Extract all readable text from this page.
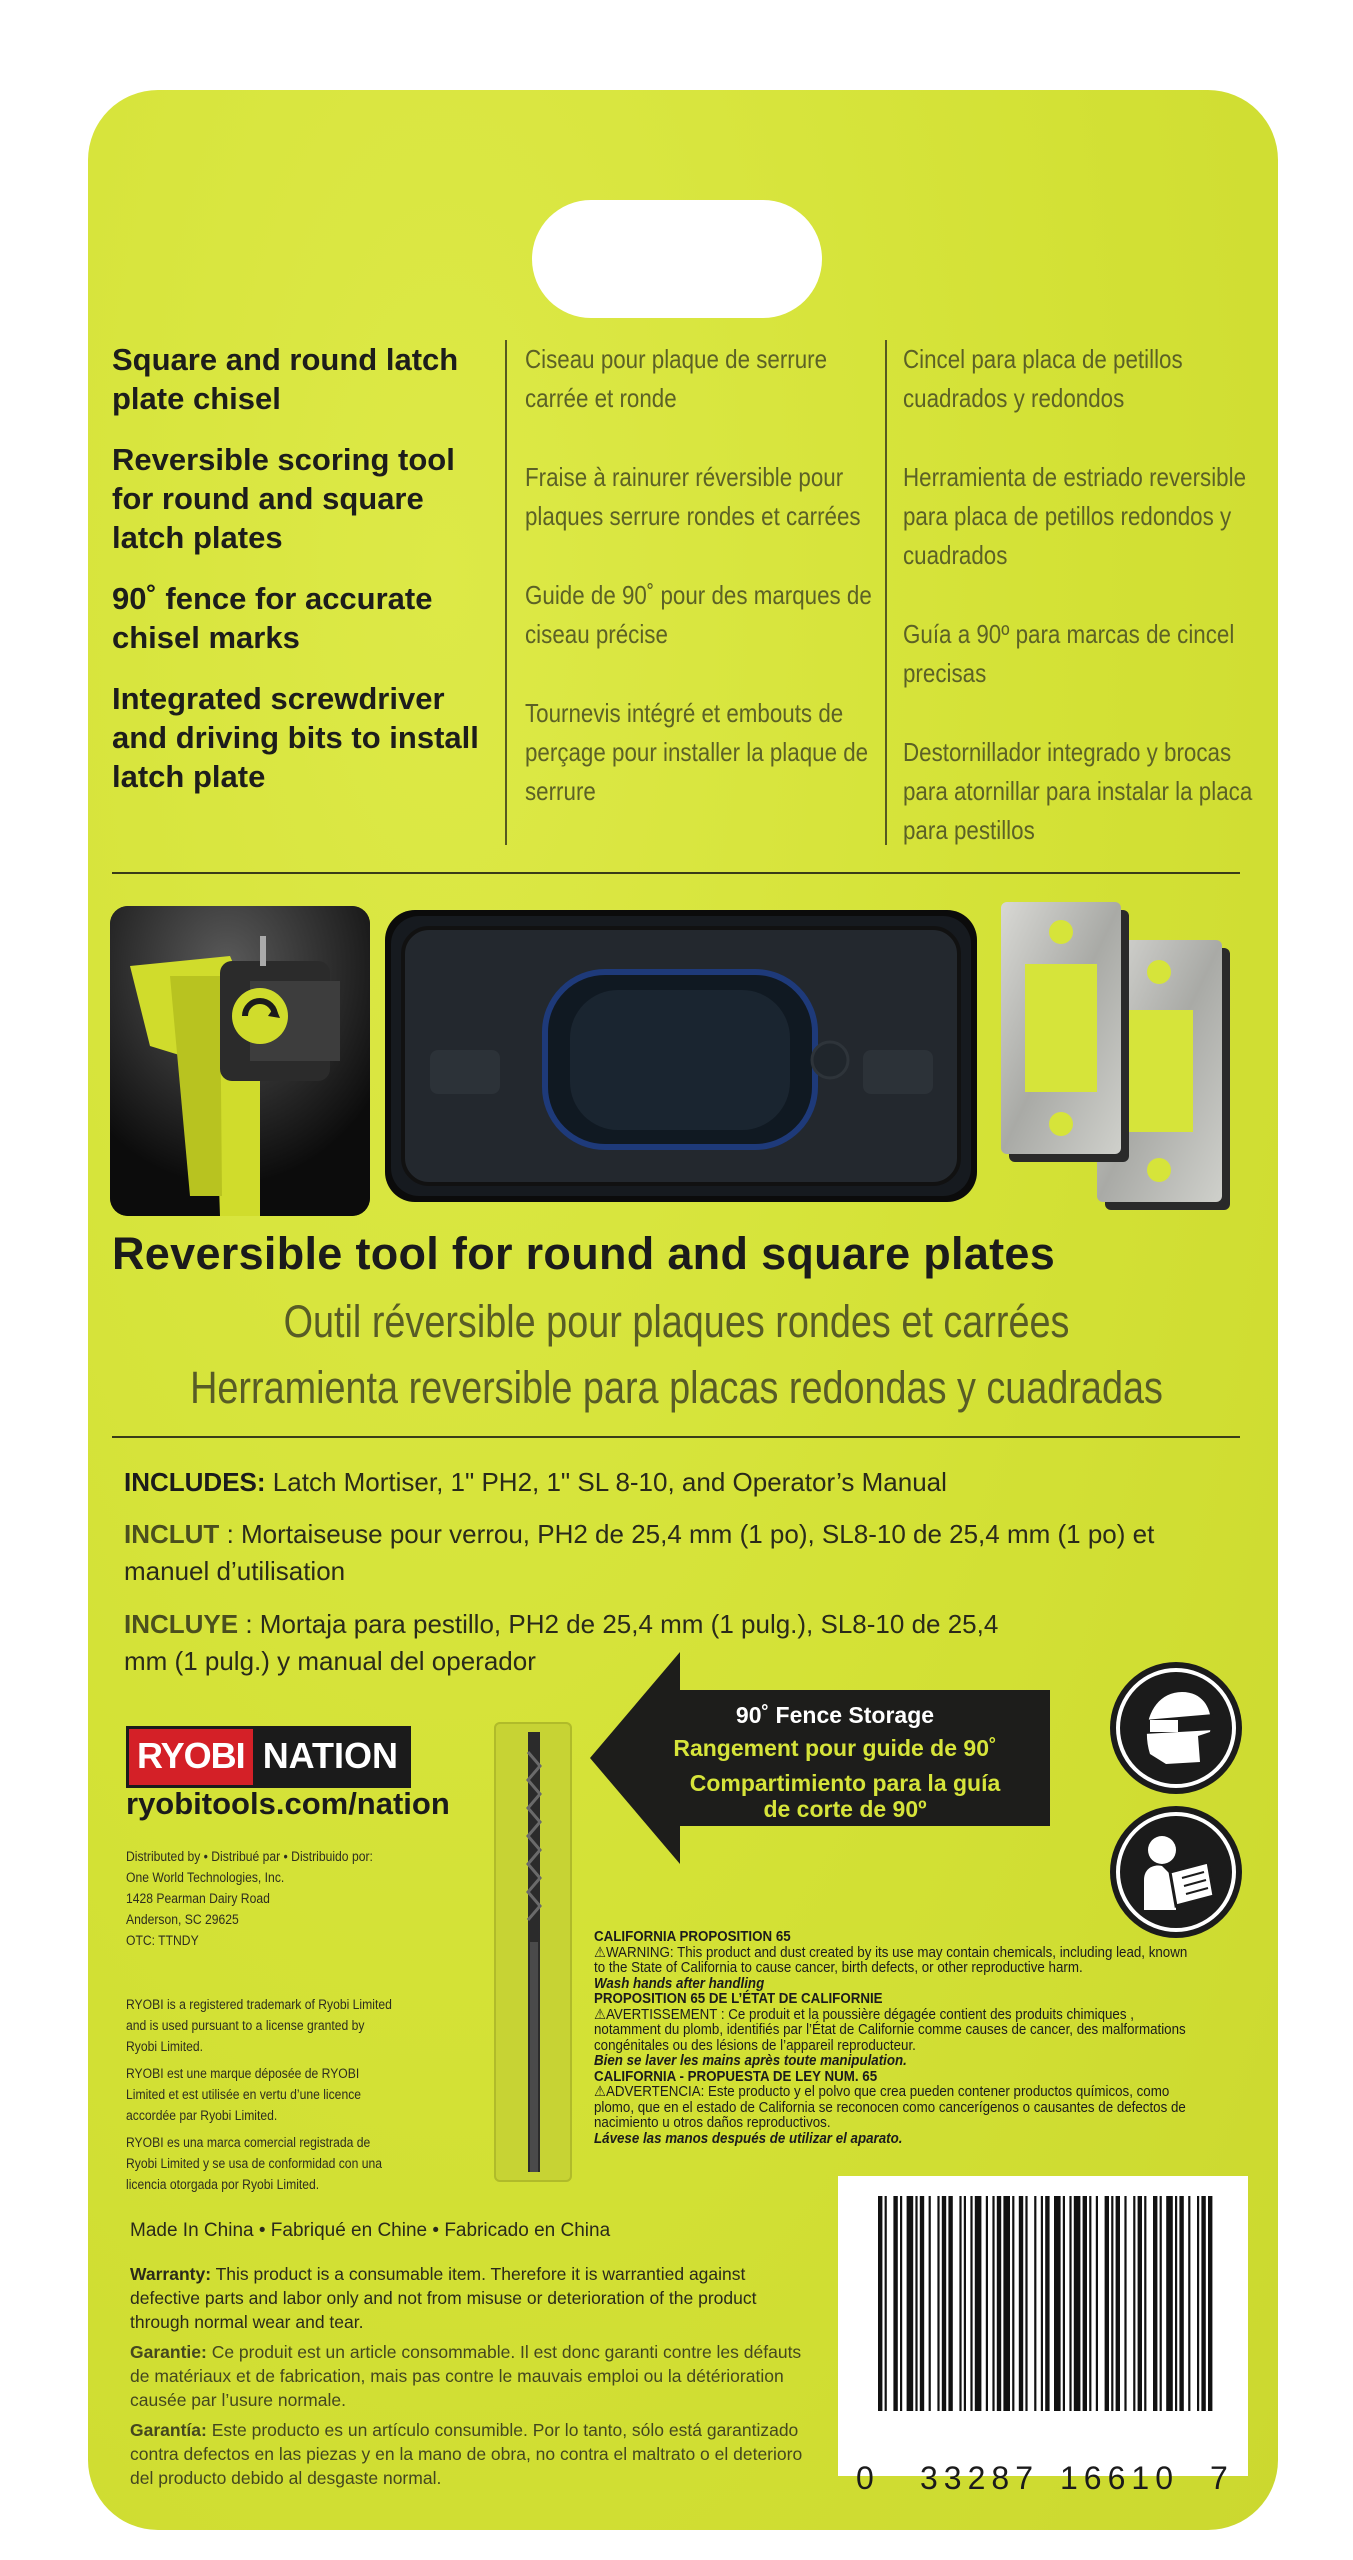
Square and round latch plate chisel

Reversible scoring tool for round and square latch plates

90˚ fence for accurate chisel marks

Integrated screwdriver and driving bits to install latch plate

Ciseau pour plaque de serrure carrée et ronde

Fraise à rainurer réversible pour plaques serrure rondes et carrées

Guide de 90˚ pour des marques de ciseau précise

Tournevis intégré et embouts de perçage pour installer la plaque de serrure

Cincel para placa de petillos cuadrados y redondos

Herramienta de estriado reversible para placa de petillos redondos y cuadrados

Guía a 90º para marcas de cincel precisas

Destornillador integrado y brocas para atornillar para instalar la placa para pestillos

Reversible tool for round and square plates
Outil réversible pour plaques rondes et carrées
Herramienta reversible para placas redondas y cuadradas
INCLUDES: Latch Mortiser, 1" PH2, 1" SL 8-10, and Operator’s Manual
INCLUT : Mortaiseuse pour verrou, PH2 de 25,4 mm (1 po), SL8-10 de 25,4 mm (1 po) et manuel d’utilisation
INCLUYE : Mortaja para pestillo, PH2 de 25,4 mm (1 pulg.), SL8-10 de 25,4 mm (1 pulg.) y manual del operador
RYOBI NATION
ryobitools.com/nation
Distributed by • Distribué par • Distribuido por:
One World Technologies, Inc.
1428 Pearman Dairy Road
Anderson, SC 29625
OTC: TTNDY

RYOBI is a registered trademark of Ryobi Limited and is used pursuant to a license granted by Ryobi Limited.

RYOBI est une marque déposée de RYOBI Limited et est utilisée en vertu d’une licence accordée par Ryobi Limited.

RYOBI es una marca comercial registrada de Ryobi Limited y se usa de conformidad con una licencia otorgada por Ryobi Limited.

90˚ Fence Storage
Rangement pour guide de 90˚
Compartimiento para la guía de corte de 90º

CALIFORNIA PROPOSITION 65

⚠WARNING: This product and dust created by its use may contain chemicals, including lead, known to the State of California to cause cancer, birth defects, or other reproductive harm.

Wash hands after handling

PROPOSITION 65 DE L’ÉTAT DE CALIFORNIE

⚠AVERTISSEMENT : Ce produit et la poussière dégagée contient des produits chimiques , notamment du plomb, identifiés par l’État de Californie comme causes de cancer, des malformations congénitales ou des lésions de l’appareil reproducteur.

Bien se laver les mains après toute manipulation.

CALIFORNIA - PROPUESTA DE LEY NUM. 65

⚠ADVERTENCIA: Este producto y el polvo que crea pueden contener productos químicos, como plomo, que en el estado de California se reconocen como cancerígenos o causantes de defectos de nacimiento u otros daños reproductivos.

Lávese las manos después de utilizar el aparato.

Made In China • Fabriqué en Chine • Fabricado en China

Warranty: This product is a consumable item. Therefore it is warrantied against defective parts and labor only and not from misuse or deterioration of the product through normal wear and tear.

Garantie: Ce produit est un article consommable. Il est donc garanti contre les défauts de matériaux et de fabrication, mais pas contre le mauvais emploi ou la détérioration causée par l’usure normale.

Garantía: Este producto es un artículo consumible. Por lo tanto, sólo está garantizado contra defectos en las piezas y en la mano de obra, no contra el maltrato o el deterioro del producto debido al desgaste normal.	0 33287 16610 7
